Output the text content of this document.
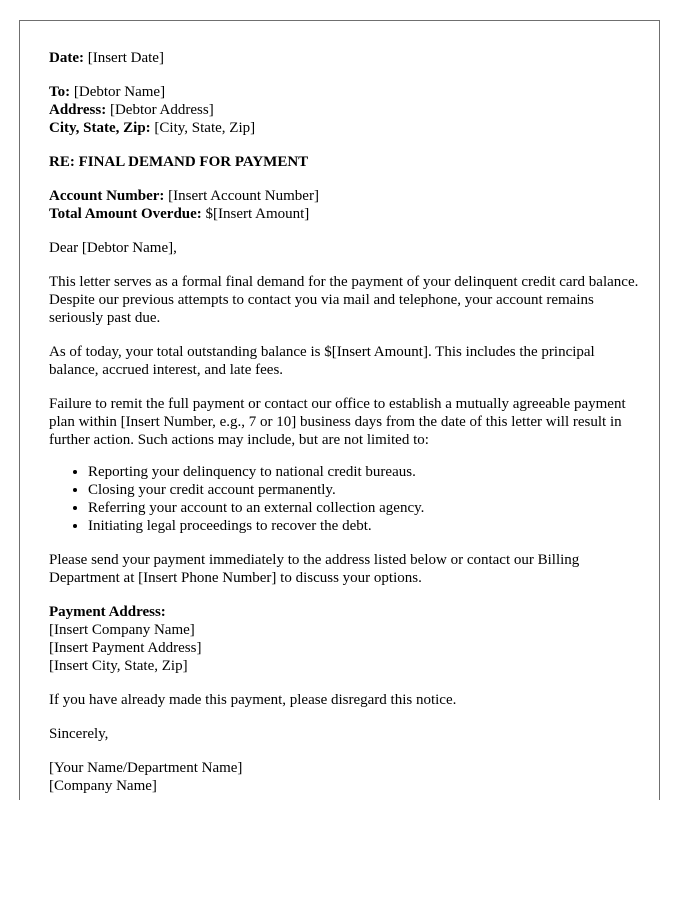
Date: [Insert Date]
To: [Debtor Name]
Address: [Debtor Address]
City, State, Zip: [City, State, Zip]
RE: FINAL DEMAND FOR PAYMENT
Account Number: [Insert Account Number]
Total Amount Overdue: $[Insert Amount]

Dear [Debtor Name],

This letter serves as a formal final demand for the payment of your delinquent credit card balance. Despite our previous attempts to contact you via mail and telephone, your account remains seriously past due.

As of today, your total outstanding balance is $[Insert Amount]. This includes the principal balance, accrued interest, and late fees.

Failure to remit the full payment or contact our office to establish a mutually agreeable payment plan within [Insert Number, e.g., 7 or 10] business days from the date of this letter will result in further action. Such actions may include, but are not limited to:

• Reporting your delinquency to national credit bureaus.
• Closing your credit account permanently.
• Referring your account to an external collection agency.
• Initiating legal proceedings to recover the debt.

Please send your payment immediately to the address listed below or contact our Billing Department at [Insert Phone Number] to discuss your options.

Payment Address:
[Insert Company Name]
[Insert Payment Address]
[Insert City, State, Zip]

If you have already made this payment, please disregard this notice.

Sincerely,

[Your Name/Department Name]
[Company Name]
